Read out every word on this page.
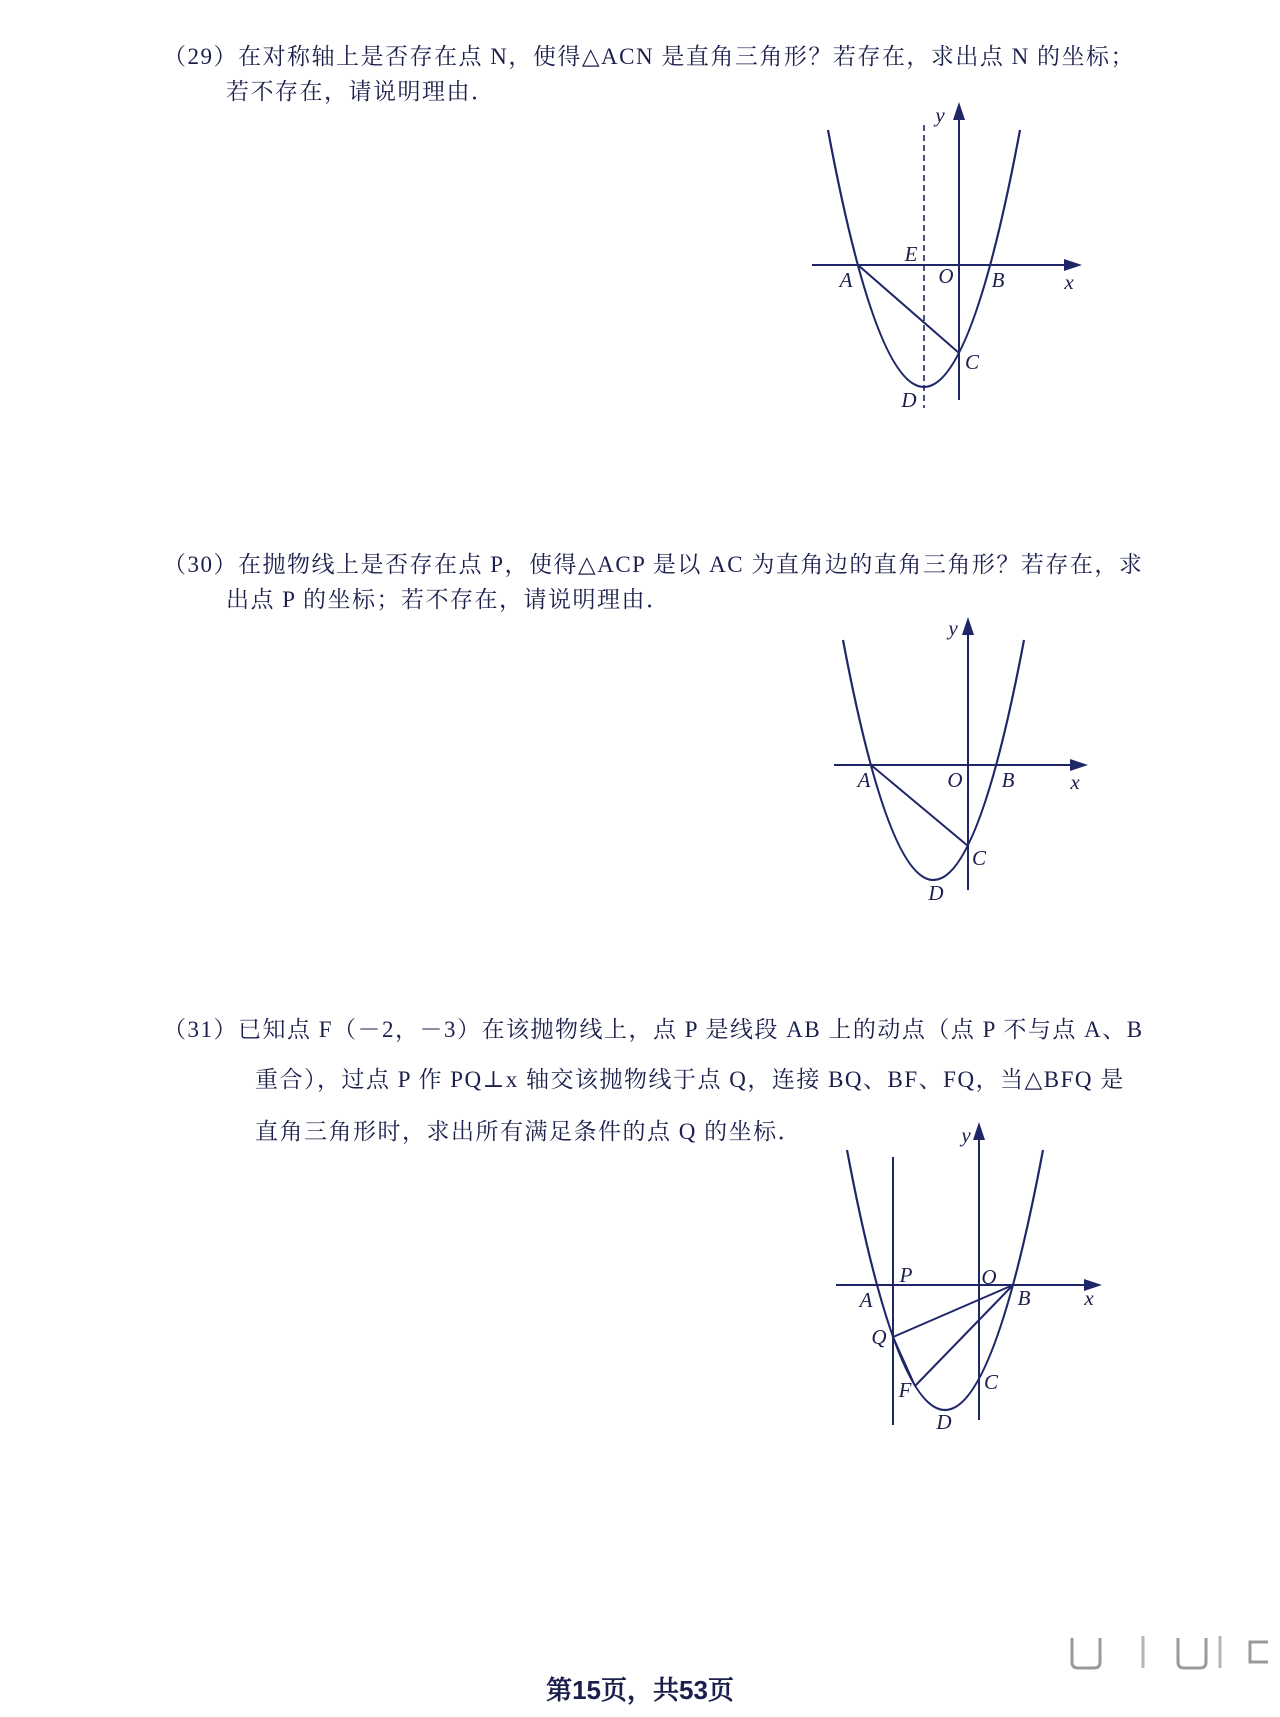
（29）在对称轴上是否存在点 N，使得△ACN 是直角三角形？若存在，求出点 N 的坐标；
若不存在，请说明理由．
y
E
O B
A	x
C
D
（30）在抛物线上是否存在点 P，使得△ACP 是以 AC 为直角边的直角三角形？若存在，求
出点 P 的坐标；若不存在，请说明理由．
y
A	O B	x
C
D
（31）已知点 F（－2，－3）在该抛物线上，点 P 是线段 AB 上的动点（点 P 不与点 A、B
重合），过点 P 作 PQ⊥x 轴交该抛物线于点 Q，连接 BQ、BF、FQ，当△BFQ 是
直角三角形时，求出所有满足条件的点 Q 的坐标．	y
P	O
B
A	x
Q
F	C
D
第15页，共53页
